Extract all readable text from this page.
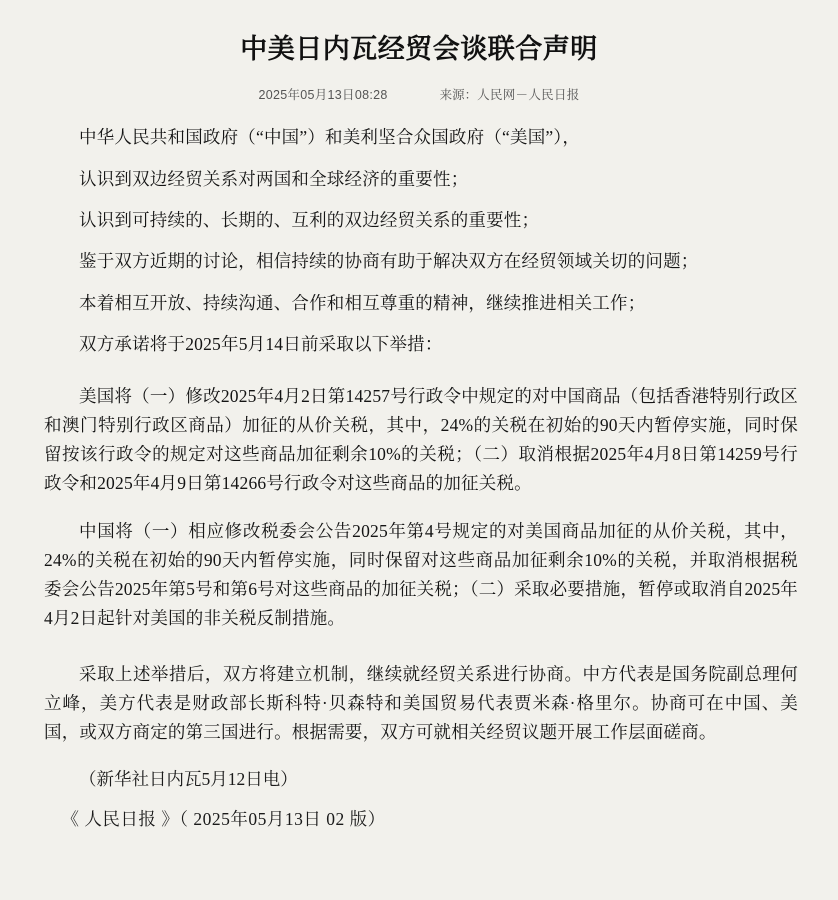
中美日内瓦经贸会谈联合声明
2025年05月13日08:28	来源：人民网－人民日报

中华人民共和国政府（“中国”）和美利坚合众国政府（“美国”），

认识到双边经贸关系对两国和全球经济的重要性；

认识到可持续的、长期的、互利的双边经贸关系的重要性；

鉴于双方近期的讨论，相信持续的协商有助于解决双方在经贸领域关切的问题；

本着相互开放、持续沟通、合作和相互尊重的精神，继续推进相关工作；

双方承诺将于2025年5月14日前采取以下举措：

美国将（一）修改2025年4月2日第14257号行政令中规定的对中国商品（包括香港特别行政区和澳门特别行政区商品）加征的从价关税，其中，24%的关税在初始的90天内暂停实施，同时保留按该行政令的规定对这些商品加征剩余10%的关税；（二）取消根据2025年4月8日第14259号行政令和2025年4月9日第14266号行政令对这些商品的加征关税。

中国将（一）相应修改税委会公告2025年第4号规定的对美国商品加征的从价关税，其中，24%的关税在初始的90天内暂停实施，同时保留对这些商品加征剩余10%的关税，并取消根据税委会公告2025年第5号和第6号对这些商品的加征关税；（二）采取必要措施，暂停或取消自2025年4月2日起针对美国的非关税反制措施。

采取上述举措后，双方将建立机制，继续就经贸关系进行协商。中方代表是国务院副总理何立峰，美方代表是财政部长斯科特·贝森特和美国贸易代表贾米森·格里尔。协商可在中国、美国，或双方商定的第三国进行。根据需要，双方可就相关经贸议题开展工作层面磋商。

（新华社日内瓦5月12日电）

《 人民日报 》（ 2025年05月13日 02 版）
